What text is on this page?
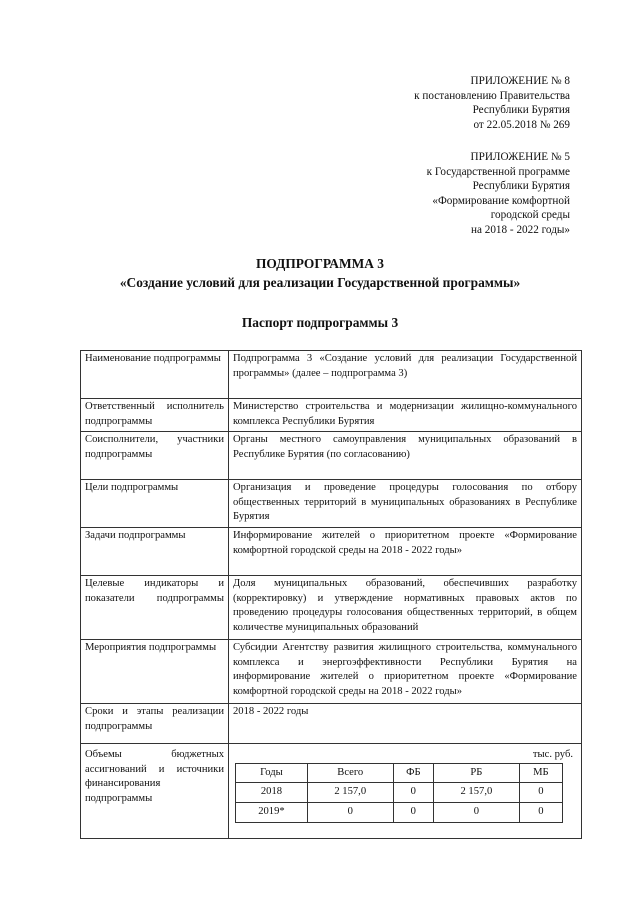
ПРИЛОЖЕНИЕ № 8
к постановлению Правительства
Республики Бурятия
от 22.05.2018 № 269
ПРИЛОЖЕНИЕ № 5
к Государственной программе
Республики Бурятия
«Формирование комфортной
городской среды
на 2018 - 2022 годы»
ПОДПРОГРАММА 3
«Создание условий для реализации Государственной программы»
Паспорт подпрограммы 3
Наименование подпрограммы	Подпрограмма 3 «Создание условий для реализации Государственной программы» (далее – подпрограмма 3)
Ответственный исполнитель подпрограммы	Министерство строительства и модернизации жилищно-коммунального комплекса Республики Бурятия
Соисполнители, участники подпрограммы	Органы местного самоуправления муниципальных образований в Республике Бурятия (по согласованию)

Цели подпрограммы	Организация и проведение процедуры голосования по отбору общественных территорий в муниципальных образованиях в Республике Бурятия

Задачи подпрограммы	Информирование жителей о приоритетном проекте «Формирование комфортной городской среды на 2018 - 2022 годы»
Целевые индикаторы и показатели подпрограммы	Доля муниципальных образований, обеспечивших разработку (корректировку) и утверждение нормативных правовых актов по проведению процедуры голосования общественных территорий, в общем количестве муниципальных образований

Мероприятия подпрограммы	Субсидии Агентству развития жилищного строительства, коммунального комплекса и энергоэффективности Республики Бурятия на информирование жителей о приоритетном проекте «Формирование комфортной городской среды на 2018 - 2022 годы»
Сроки и этапы реализации подпрограммы	2018 - 2022 годы
Объемы бюджетных ассигнований и источники финансирования подпрограммы	
тыс. руб.
Годы	Всего	ФБ	РБ	МБ
2018	2 157,0	0	2 157,0	0
2019*	0	0	0	0
